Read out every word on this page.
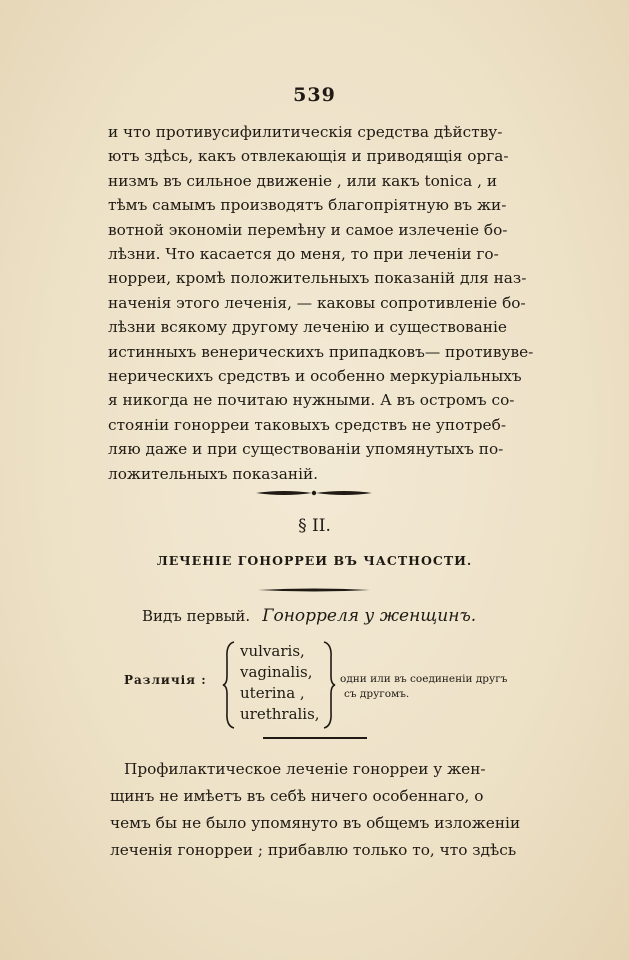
539
и что противусифилитическія средства дѣйству-
ютъ здѣсь, какъ отвлекающія и приводящія орга-
низмъ въ сильное движеніе , или какъ tonica , и
тѣмъ самымъ производятъ благопріятную въ жи-
вотной экономіи перемѣну и самое излеченіе бо-
лѣзни. Что касается до меня, то при леченіи го-
норреи, кромѣ положительныхъ показаній для наз-
наченія этого леченія, — каковы сопротивленіе бо-
лѣзни всякому другому леченію и существованіе
истинныхъ венерическихъ припадковъ— противуве-
нерическихъ средствъ и особенно меркуріальныхъ
я никогда не почитаю нужными. А въ остромъ со-
стояніи гонорреи таковыхъ средствъ не употреб-
ляю даже и при существованіи упомянутыхъ по-
ложительныхъ показаній.
§ II.
ЛЕЧЕНІЕ ГОНОРРЕИ ВЪ ЧАСТНОСТИ.
Видъ первый. Гонорреля у женщинъ.
Различія :
vulvaris,
vaginalis,
uterina ,
urethralis,
одни или въ соединеніи другъ
съ другомъ.
Профилактическое леченіе гонорреи у жен-
щинъ не имѣетъ въ себѣ ничего особеннаго, о
чемъ бы не было упомянуто въ общемъ изложеніи
леченія гонорреи ; прибавлю только то, что здѣсь
